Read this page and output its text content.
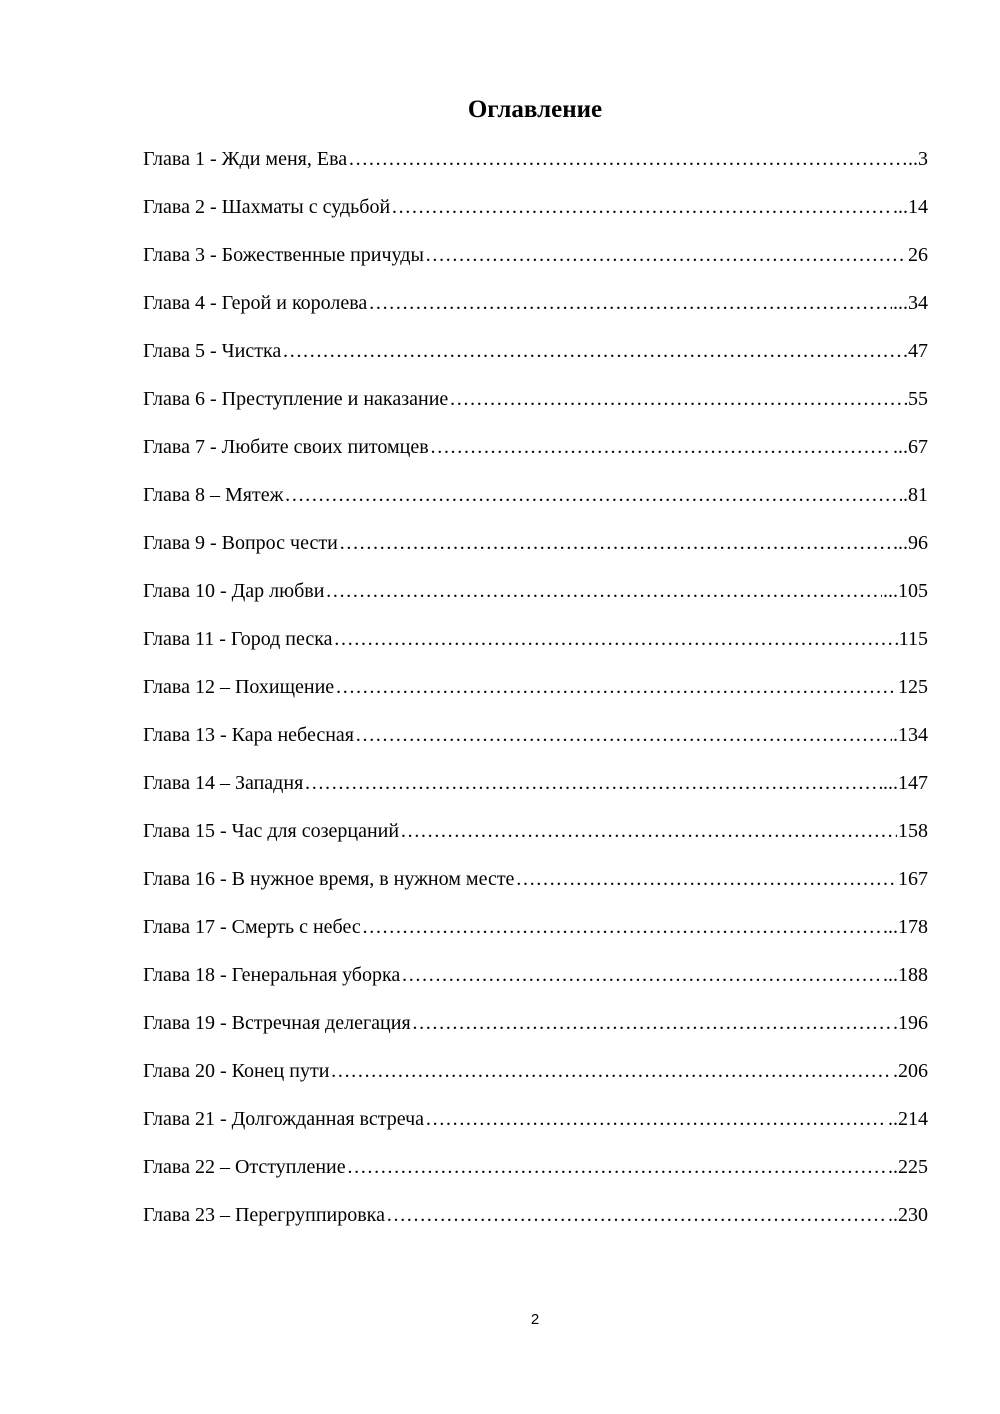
Оглавление
Глава 1 - Жди меня, Ева …………………………………………………………………………………………………………………………………………………………………………………………	..3
Глава 2 - Шахматы с судьбой …………………………………………………………………………………………………………………………………………………………………………………………	...14
Глава 3 - Божественные причуды …………………………………………………………………………………………………………………………………………………………………………………………	26
Глава 4 - Герой и королева …………………………………………………………………………………………………………………………………………………………………………………………	...34
Глава 5 - Чистка …………………………………………………………………………………………………………………………………………………………………………………………	.47
Глава 6 - Преступление и наказание …………………………………………………………………………………………………………………………………………………………………………………………	55
Глава 7 - Любите своих питомцев …………………………………………………………………………………………………………………………………………………………………………………………	...67
Глава 8 – Мятеж …………………………………………………………………………………………………………………………………………………………………………………………	.81
Глава 9 - Вопрос чести …………………………………………………………………………………………………………………………………………………………………………………………	..96
Глава 10 - Дар любви …………………………………………………………………………………………………………………………………………………………………………………………	...105
Глава 11 - Город песка …………………………………………………………………………………………………………………………………………………………………………………………	115
Глава 12 – Похищение …………………………………………………………………………………………………………………………………………………………………………………………	125
Глава 13 - Кара небесная …………………………………………………………………………………………………………………………………………………………………………………………	.134
Глава 14 – Западня …………………………………………………………………………………………………………………………………………………………………………………………	...147
Глава 15 - Час для созерцаний …………………………………………………………………………………………………………………………………………………………………………………………	158
Глава 16 - В нужное время, в нужном месте …………………………………………………………………………………………………………………………………………………………………………………………	167
Глава 17 - Смерть с небес …………………………………………………………………………………………………………………………………………………………………………………………	...178
Глава 18 - Генеральная уборка …………………………………………………………………………………………………………………………………………………………………………………………	...188
Глава 19 - Встречная делегация …………………………………………………………………………………………………………………………………………………………………………………………	.196
Глава 20 - Конец пути …………………………………………………………………………………………………………………………………………………………………………………………	.206
Глава 21 - Долгожданная встреча …………………………………………………………………………………………………………………………………………………………………………………………	..214
Глава 22 – Отступление …………………………………………………………………………………………………………………………………………………………………………………………	..225
Глава 23 – Перегруппировка …………………………………………………………………………………………………………………………………………………………………………………………	..230
2
